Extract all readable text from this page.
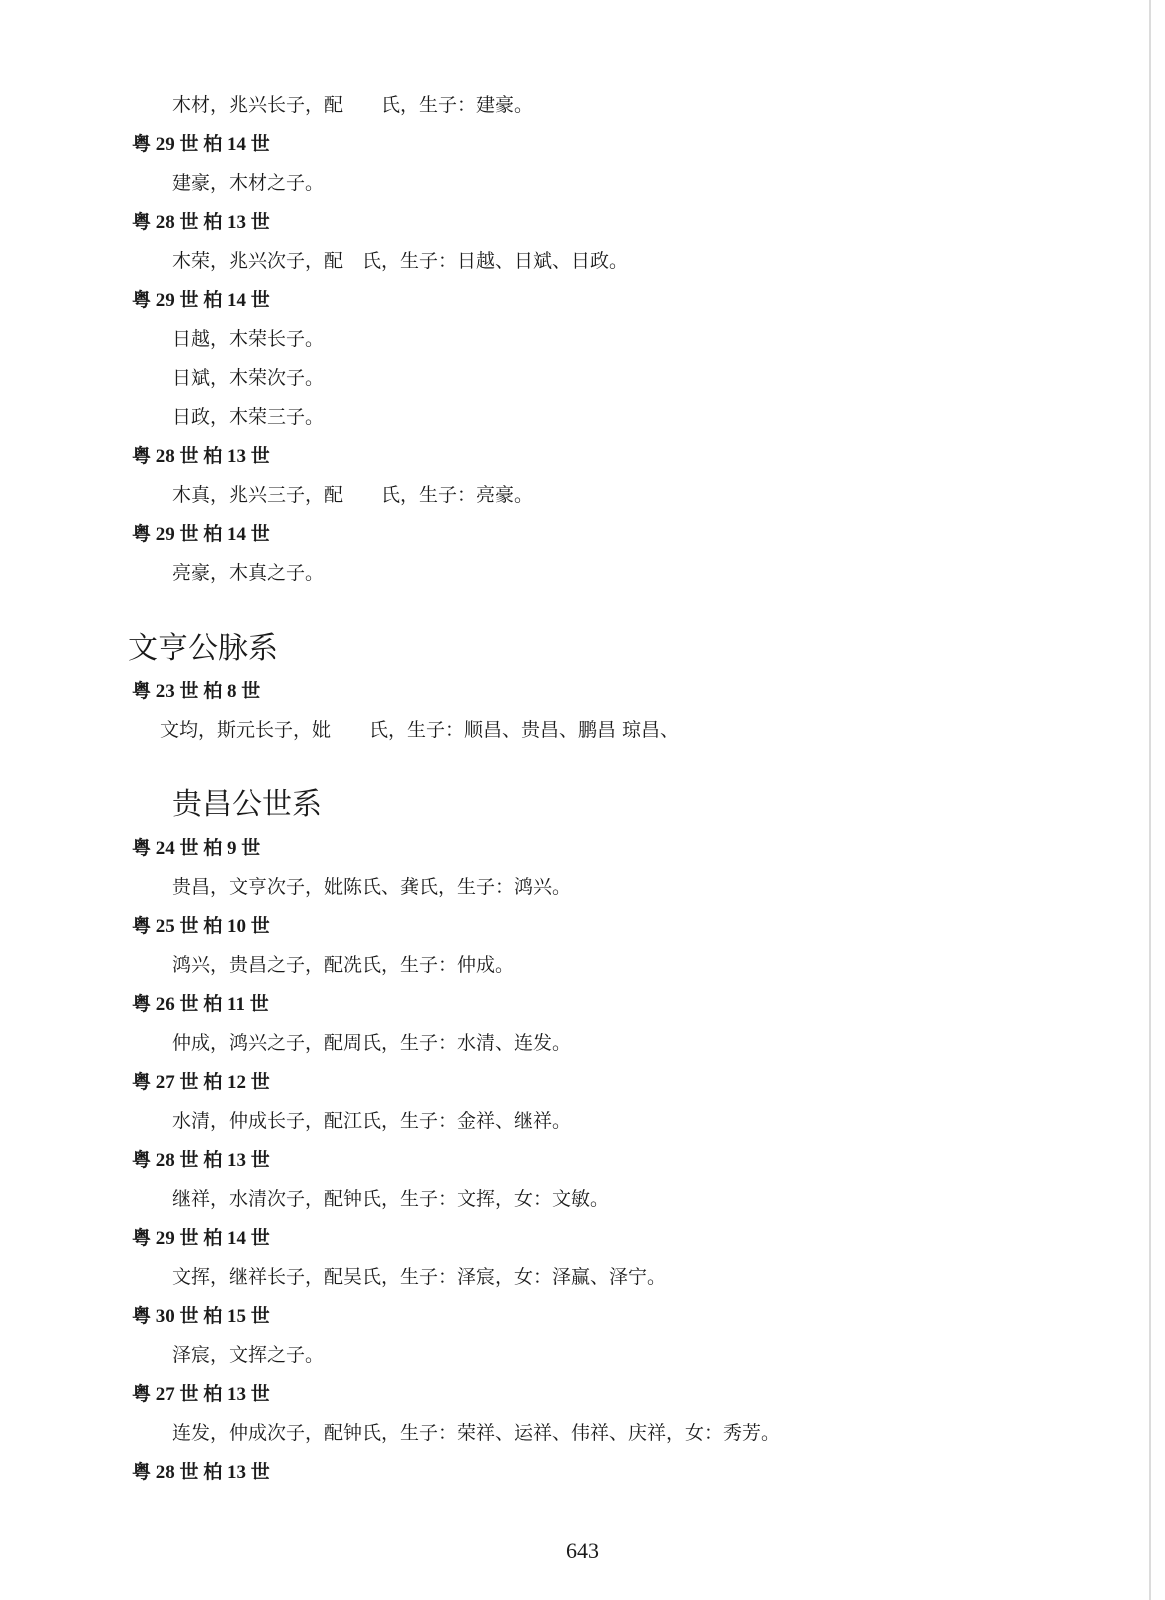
木材，兆兴长子，配　　氏，生子：建豪。
粤 29 世 柏 14 世
建豪，木材之子。
粤 28 世 柏 13 世
木荣，兆兴次子，配　氏，生子：日越、日斌、日政。
粤 29 世 柏 14 世
日越，木荣长子。
日斌，木荣次子。
日政，木荣三子。
粤 28 世 柏 13 世
木真，兆兴三子，配　　氏，生子：亮豪。
粤 29 世 柏 14 世
亮豪，木真之子。
文亨公脉系
粤 23 世 柏 8 世
文均，斯元长子，妣　　氏，生子：顺昌、贵昌、鹏昌 琼昌、
贵昌公世系
粤 24 世 柏 9 世
贵昌，文亨次子，妣陈氏、龚氏，生子：鸿兴。
粤 25 世 柏 10 世
鸿兴，贵昌之子，配冼氏，生子：仲成。
粤 26 世 柏 11 世
仲成，鸿兴之子，配周氏，生子：水清、连发。
粤 27 世 柏 12 世
水清，仲成长子，配江氏，生子：金祥、继祥。
粤 28 世 柏 13 世
继祥，水清次子，配钟氏，生子：文挥，女：文敏。
粤 29 世 柏 14 世
文挥，继祥长子，配吴氏，生子：泽宸，女：泽赢、泽宁。
粤 30 世 柏 15 世
泽宸，文挥之子。
粤 27 世 柏 13 世
连发，仲成次子，配钟氏，生子：荣祥、运祥、伟祥、庆祥，女：秀芳。
粤 28 世 柏 13 世
643
